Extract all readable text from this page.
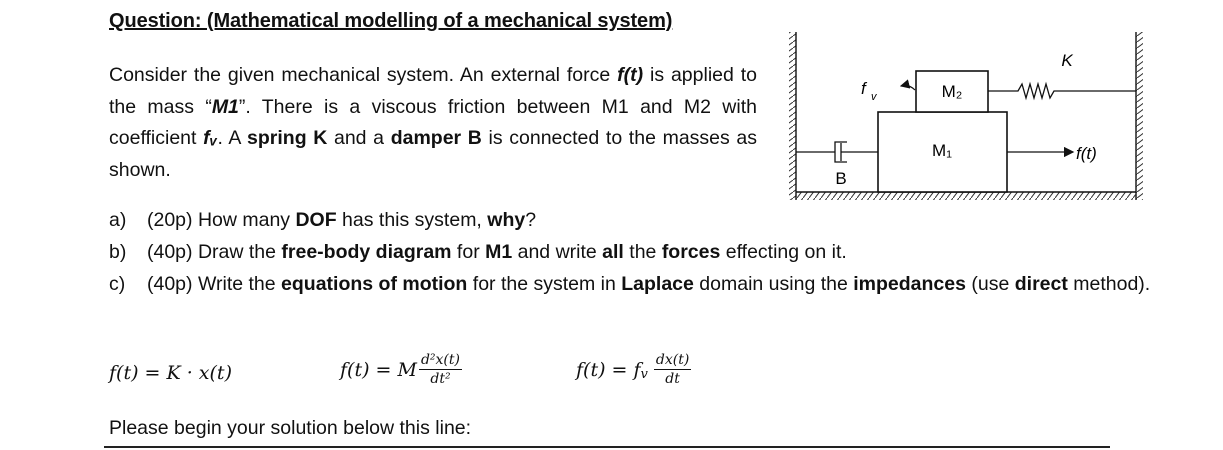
Question: (Mathematical modelling of a mechanical system)
Consider the given mechanical system. An external force f(t) is applied to the mass “M1”. There is a viscous friction between M1 and M2 with coefficient fᵥ. A spring K and a damper B is connected to the masses as shown.
a)	(20p) How many DOF has this system, why?
b)	(40p) Draw the free-body diagram for M1 and write all the forces effecting on it.
c)	(40p) Write the equations of motion for the system in Laplace domain using the impedances (use direct method).
f(t) = K · x(t)	f(t) = M $\frac{\text{d²x(t)}}{\text{dt²}}$	f(t) = f v $\frac{dx(t)}{dt}$
Please begin your solution below this line:
M₁
M₂
K
B
f v
f(t)
